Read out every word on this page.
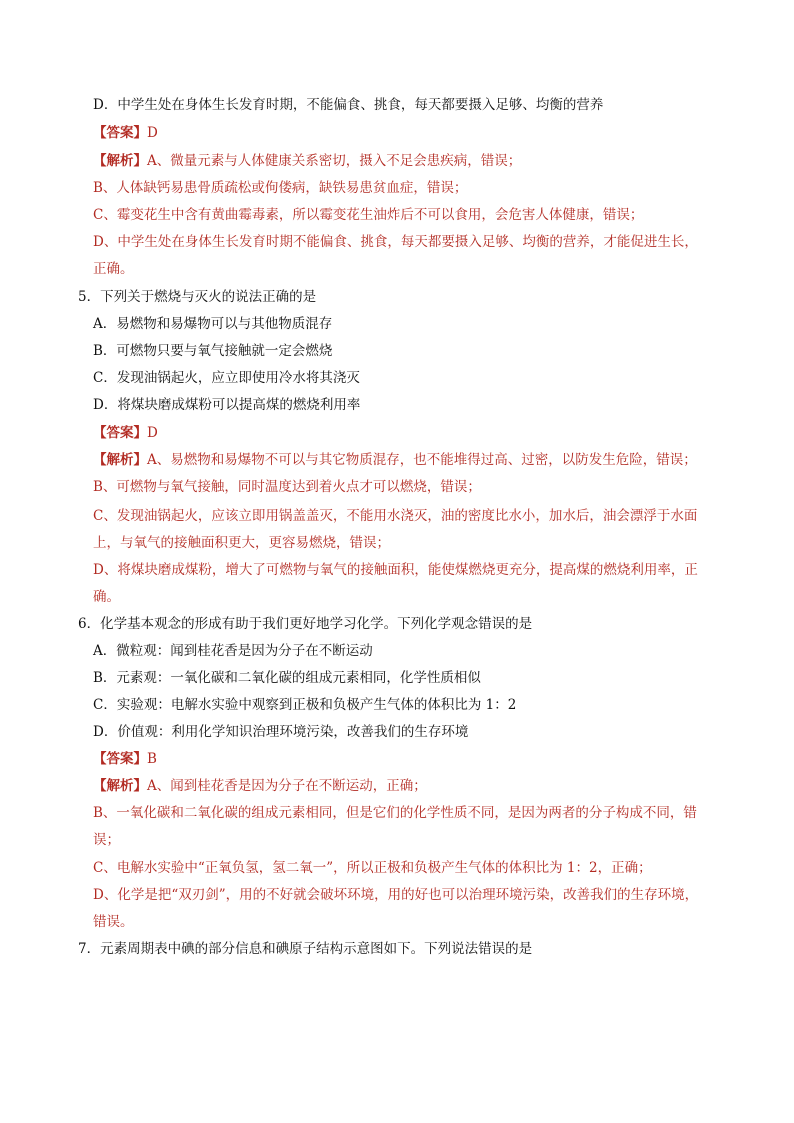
D．中学生处在身体生长发育时期，不能偏食、挑食，每天都要摄入足够、均衡的营养
【答案】D
【解析】A、微量元素与人体健康关系密切，摄入不足会患疾病，错误；
B、人体缺钙易患骨质疏松或佝偻病，缺铁易患贫血症，错误；
C、霉变花生中含有黄曲霉毒素，所以霉变花生油炸后不可以食用，会危害人体健康，错误；
D、中学生处在身体生长发育时期不能偏食、挑食，每天都要摄入足够、均衡的营养，才能促进生长，
正确。
5．下列关于燃烧与灭火的说法正确的是
A．易燃物和易爆物可以与其他物质混存
B．可燃物只要与氧气接触就一定会燃烧
C．发现油锅起火，应立即使用冷水将其浇灭
D．将煤块磨成煤粉可以提高煤的燃烧利用率
【答案】D
【解析】A、易燃物和易爆物不可以与其它物质混存，也不能堆得过高、过密，以防发生危险，错误；
B、可燃物与氧气接触，同时温度达到着火点才可以燃烧，错误；
C、发现油锅起火，应该立即用锅盖盖灭，不能用水浇灭，油的密度比水小，加水后，油会漂浮于水面
上，与氧气的接触面积更大，更容易燃烧，错误；
D、将煤块磨成煤粉，增大了可燃物与氧气的接触面积，能使煤燃烧更充分，提高煤的燃烧利用率，正
确。
6．化学基本观念的形成有助于我们更好地学习化学。下列化学观念错误的是
A．微粒观：闻到桂花香是因为分子在不断运动
B．元素观：一氧化碳和二氧化碳的组成元素相同，化学性质相似
C．实验观：电解水实验中观察到正极和负极产生气体的体积比为 1：2
D．价值观：利用化学知识治理环境污染，改善我们的生存环境
【答案】B
【解析】A、闻到桂花香是因为分子在不断运动，正确；
B、一氧化碳和二氧化碳的组成元素相同，但是它们的化学性质不同，是因为两者的分子构成不同，错
误；
C、电解水实验中“正氧负氢，氢二氧一”，所以正极和负极产生气体的体积比为 1：2，正确；
D、化学是把“双刃剑”，用的不好就会破坏环境，用的好也可以治理环境污染，改善我们的生存环境，
错误。
7．元素周期表中碘的部分信息和碘原子结构示意图如下。下列说法错误的是
